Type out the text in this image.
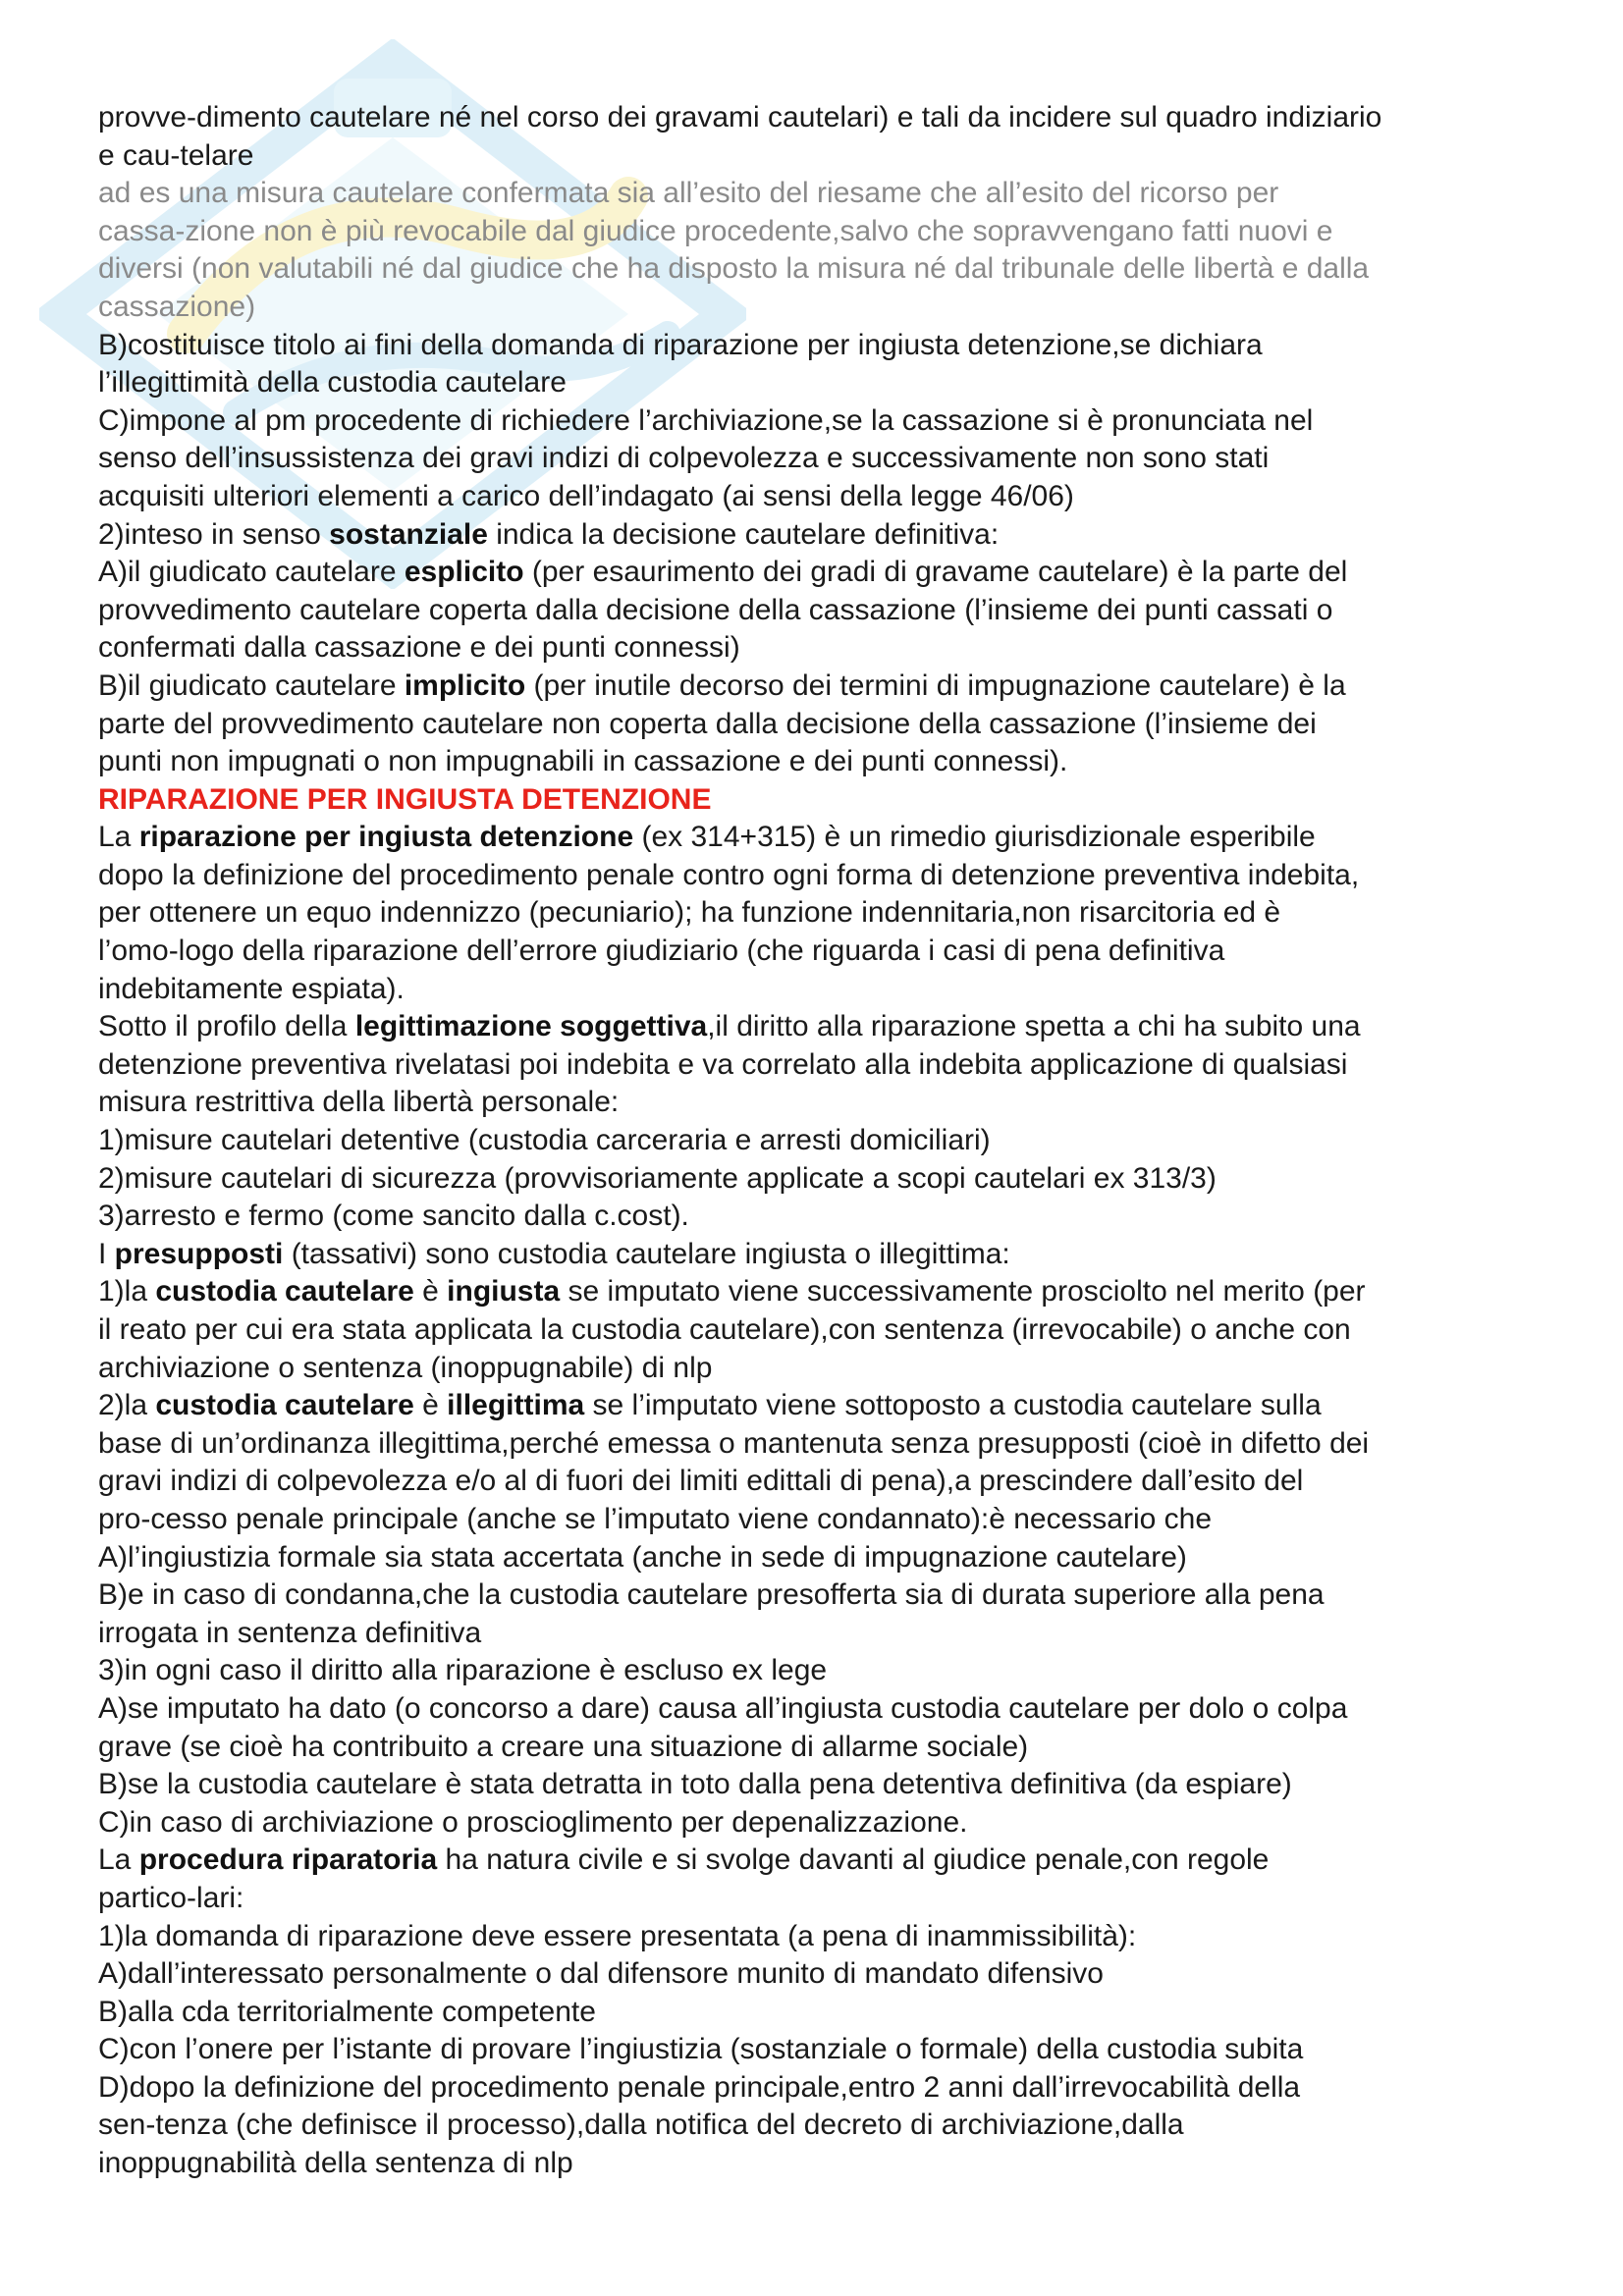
provve-dimento cautelare né nel corso dei gravami cautelari) e tali da incidere sul quadro indiziario

e cau-telare

ad es una misura cautelare confermata sia all’esito del riesame che all’esito del ricorso per

cassa-zione non è più revocabile dal giudice procedente,salvo che sopravvengano fatti nuovi e

diversi (non valutabili né dal giudice che ha disposto la misura né dal tribunale delle libertà e dalla

cassazione)

B)costituisce titolo ai fini della domanda di riparazione per ingiusta detenzione,se dichiara

l’illegittimità della custodia cautelare

C)impone al pm procedente di richiedere l’archiviazione,se la cassazione si è pronunciata nel

senso dell’insussistenza dei gravi indizi di colpevolezza e successivamente non sono stati

acquisiti ulteriori elementi a carico dell’indagato (ai sensi della legge 46/06)

2)inteso in senso sostanziale indica la decisione cautelare definitiva:

A)il giudicato cautelare esplicito (per esaurimento dei gradi di gravame cautelare) è la parte del

provvedimento cautelare coperta dalla decisione della cassazione (l’insieme dei punti cassati o

confermati dalla cassazione e dei punti connessi)

B)il giudicato cautelare implicito (per inutile decorso dei termini di impugnazione cautelare) è la

parte del provvedimento cautelare non coperta dalla decisione della cassazione (l’insieme dei

punti non impugnati o non impugnabili in cassazione e dei punti connessi).

RIPARAZIONE PER INGIUSTA DETENZIONE

La riparazione per ingiusta detenzione (ex 314+315) è un rimedio giurisdizionale esperibile

dopo la definizione del procedimento penale contro ogni forma di detenzione preventiva indebita,

per ottenere un equo indennizzo (pecuniario); ha funzione indennitaria,non risarcitoria ed è

l’omo-logo della riparazione dell’errore giudiziario (che riguarda i casi di pena definitiva

indebitamente espiata).

Sotto il profilo della legittimazione soggettiva,il diritto alla riparazione spetta a chi ha subito una

detenzione preventiva rivelatasi poi indebita e va correlato alla indebita applicazione di qualsiasi

misura restrittiva della libertà personale:

1)misure cautelari detentive (custodia carceraria e arresti domiciliari)

2)misure cautelari di sicurezza (provvisoriamente applicate a scopi cautelari ex 313/3)

3)arresto e fermo (come sancito dalla c.cost).

I presupposti (tassativi) sono custodia cautelare ingiusta o illegittima:

1)la custodia cautelare è ingiusta se imputato viene successivamente prosciolto nel merito (per

il reato per cui era stata applicata la custodia cautelare),con sentenza (irrevocabile) o anche con

archiviazione o sentenza (inoppugnabile) di nlp

2)la custodia cautelare è illegittima se l’imputato viene sottoposto a custodia cautelare sulla

base di un’ordinanza illegittima,perché emessa o mantenuta senza presupposti (cioè in difetto dei

gravi indizi di colpevolezza e/o al di fuori dei limiti edittali di pena),a prescindere dall’esito del

pro-cesso penale principale (anche se l’imputato viene condannato):è necessario che

A)l’ingiustizia formale sia stata accertata (anche in sede di impugnazione cautelare)

B)e in caso di condanna,che la custodia cautelare presofferta sia di durata superiore alla pena

irrogata in sentenza definitiva

3)in ogni caso il diritto alla riparazione è escluso ex lege

A)se imputato ha dato (o concorso a dare) causa all’ingiusta custodia cautelare per dolo o colpa

grave (se cioè ha contribuito a creare una situazione di allarme sociale)

B)se la custodia cautelare è stata detratta in toto dalla pena detentiva definitiva (da espiare)

C)in caso di archiviazione o proscioglimento per depenalizzazione.

La procedura riparatoria ha natura civile e si svolge davanti al giudice penale,con regole

partico-lari:

1)la domanda di riparazione deve essere presentata (a pena di inammissibilità):

A)dall’interessato personalmente o dal difensore munito di mandato difensivo

B)alla cda territorialmente competente

C)con l’onere per l’istante di provare l’ingiustizia (sostanziale o formale) della custodia subita

D)dopo la definizione del procedimento penale principale,entro 2 anni dall’irrevocabilità della

sen-tenza (che definisce il processo),dalla notifica del decreto di archiviazione,dalla

inoppugnabilità della sentenza di nlp
